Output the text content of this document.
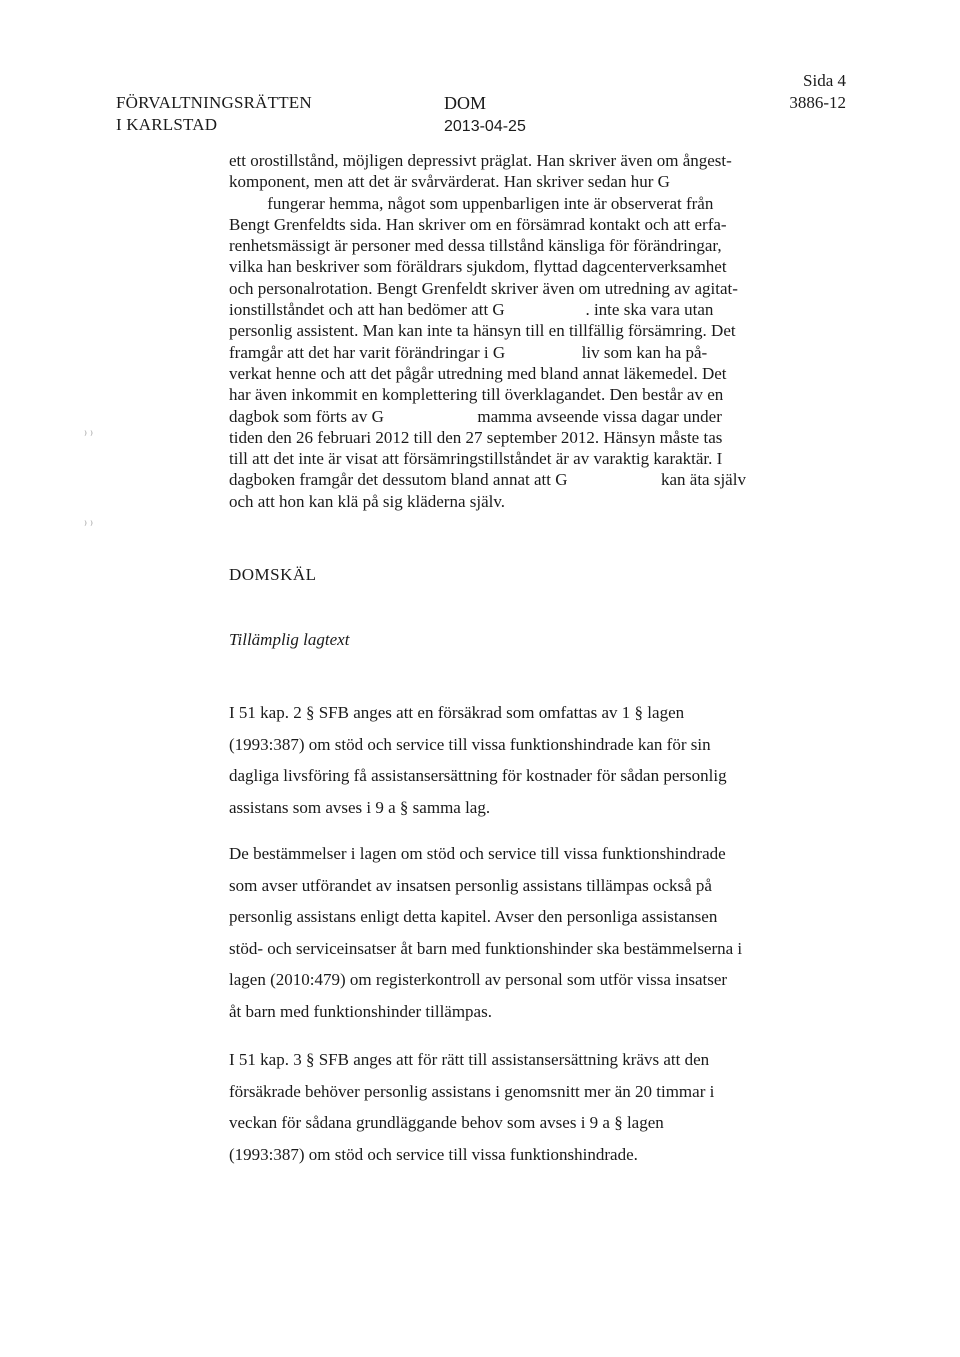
FÖRVALTNINGSRÄTTEN
I KARLSTAD
DOM
2013-04-25
Sida 4
3886-12
⁾ ⁾
⁾ ⁾

ett orostillstånd, möjligen depressivt präglat. Han skriver även om ångest-

komponent, men att det är svårvärderat. Han skriver sedan hur G

fungerar hemma, något som uppenbarligen inte är observerat från

Bengt Grenfeldts sida. Han skriver om en försämrad kontakt och att erfa-

renhetsmässigt är personer med dessa tillstånd känsliga för förändringar,

vilka han beskriver som föräldrars sjukdom, flyttad dagcenterverksamhet

och personalrotation. Bengt Grenfeldt skriver även om utredning av agitat-

ionstillståndet och att han bedömer att G                   . inte ska vara utan

personlig assistent. Man kan inte ta hänsyn till en tillfällig försämring. Det

framgår att det har varit förändringar i G                  liv som kan ha på-

verkat henne och att det pågår utredning med bland annat läkemedel. Det

har även inkommit en komplettering till överklagandet. Den består av en

dagbok som förts av G                      mamma avseende vissa dagar under

tiden den 26 februari 2012 till den 27 september 2012. Hänsyn måste tas

till att det inte är visat att försämringstillståndet är av varaktig karaktär. I

dagboken framgår det dessutom bland annat att G                      kan äta själv

och att hon kan klä på sig kläderna själv.

DOMSKÄL
Tillämplig lagtext

I 51 kap. 2 § SFB anges att en försäkrad som omfattas av 1 § lagen

(1993:387) om stöd och service till vissa funktionshindrade kan för sin

dagliga livsföring få assistansersättning för kostnader för sådan personlig

assistans som avses i 9 a § samma lag.

De bestämmelser i lagen om stöd och service till vissa funktionshindrade

som avser utförandet av insatsen personlig assistans tillämpas också på

personlig assistans enligt detta kapitel. Avser den personliga assistansen

stöd- och serviceinsatser åt barn med funktionshinder ska bestämmelserna i

lagen (2010:479) om registerkontroll av personal som utför vissa insatser

åt barn med funktionshinder tillämpas.

I 51 kap. 3 § SFB anges att för rätt till assistansersättning krävs att den

försäkrade behöver personlig assistans i genomsnitt mer än 20 timmar i

veckan för sådana grundläggande behov som avses i 9 a § lagen

(1993:387) om stöd och service till vissa funktionshindrade.
